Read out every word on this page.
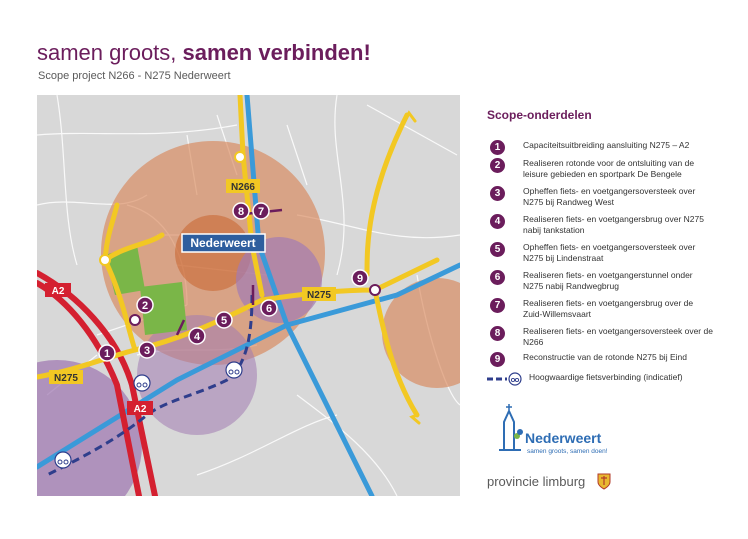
samen groots, samen verbinden!
Scope project N266 - N275 Nederweert
N266
N275
N275
A2
A2
Nederweert
1
2
3
4
5
6
7
8
9
Scope-onderdelen
1	Capaciteitsuitbreiding aansluiting N275 – A2
2	Realiseren rotonde voor de ontsluiting van de leisure gebieden en sportpark De Bengele
3	Opheffen fiets- en voetgangersoversteek over N275 bij Randweg West
4	Realiseren fiets- en voetgangersbrug over N275 nabij tankstation
5	Opheffen fiets- en voetgangersoversteek over N275 bij Lindenstraat
6	Realiseren fiets- en voetgangerstunnel onder N275 nabij Randwegbrug
7	Realiseren fiets- en voetgangersbrug over de Zuid-Willemsvaart
8	Realiseren fiets- en voetgangersoversteek over de N266
9	Reconstructie van de rotonde N275 bij Eind
Hoogwaardige fietsverbinding (indicatief)
Nederweert
samen groots, samen doen!
provincie limburg
